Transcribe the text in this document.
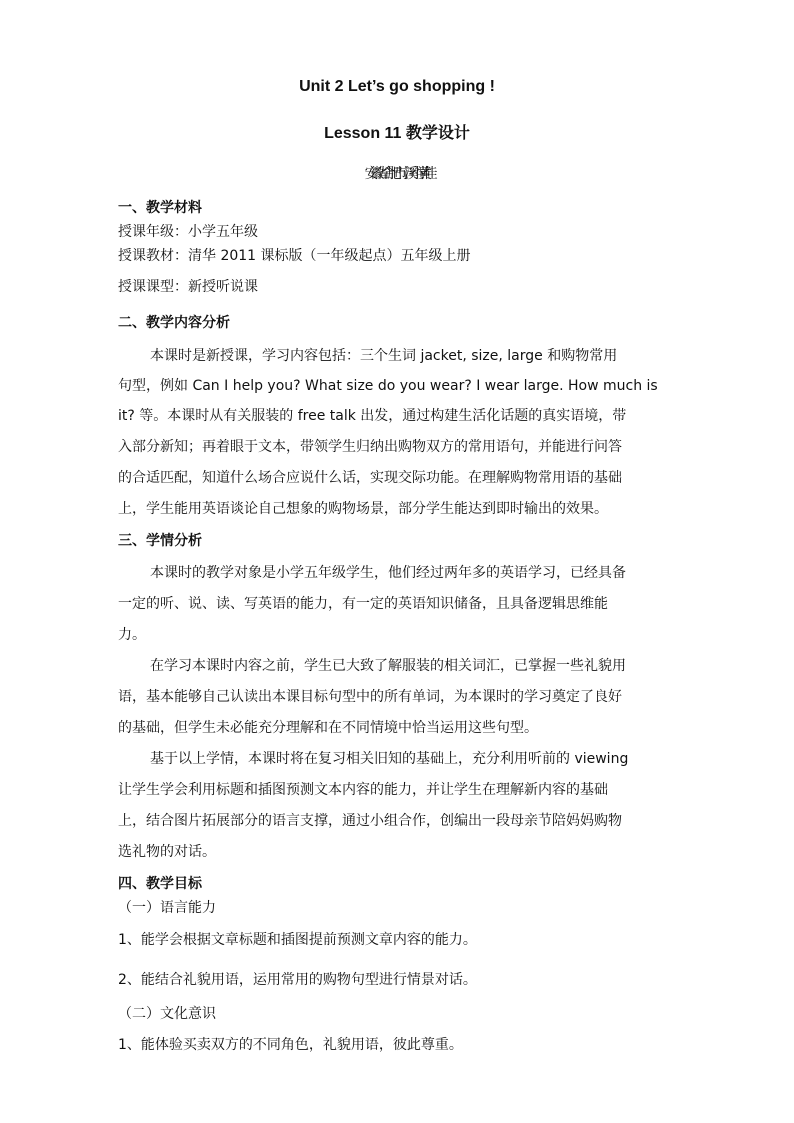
Unit 2 Let’s go shopping !
Lesson 11 教学设计
安徽省合肥市宁溪小学 黄佳
一、教学材料
授课年级：小学五年级
授课教材：清华 2011 课标版（一年级起点）五年级上册
授课课型：新授听说课
二、教学内容分析
本课时是新授课，学习内容包括：三个生词 jacket, size, large 和购物常用
句型，例如 Can I help you? What size do you wear? I wear large. How much is
it? 等。本课时从有关服装的 free talk 出发，通过构建生活化话题的真实语境，带
入部分新知；再着眼于文本，带领学生归纳出购物双方的常用语句，并能进行问答
的合适匹配，知道什么场合应说什么话，实现交际功能。在理解购物常用语的基础
上，学生能用英语谈论自己想象的购物场景，部分学生能达到即时输出的效果。
三、学情分析
本课时的教学对象是小学五年级学生，他们经过两年多的英语学习，已经具备
一定的听、说、读、写英语的能力，有一定的英语知识储备，且具备逻辑思维能
力。
在学习本课时内容之前，学生已大致了解服装的相关词汇，已掌握一些礼貌用
语，基本能够自己认读出本课目标句型中的所有单词，为本课时的学习奠定了良好
的基础，但学生未必能充分理解和在不同情境中恰当运用这些句型。
基于以上学情，本课时将在复习相关旧知的基础上，充分利用听前的 viewing
让学生学会利用标题和插图预测文本内容的能力，并让学生在理解新内容的基础
上，结合图片拓展部分的语言支撑，通过小组合作，创编出一段母亲节陪妈妈购物
选礼物的对话。
四、教学目标
（一）语言能力
1、能学会根据文章标题和插图提前预测文章内容的能力。
2、能结合礼貌用语，运用常用的购物句型进行情景对话。
（二）文化意识
1、能体验买卖双方的不同角色，礼貌用语，彼此尊重。
